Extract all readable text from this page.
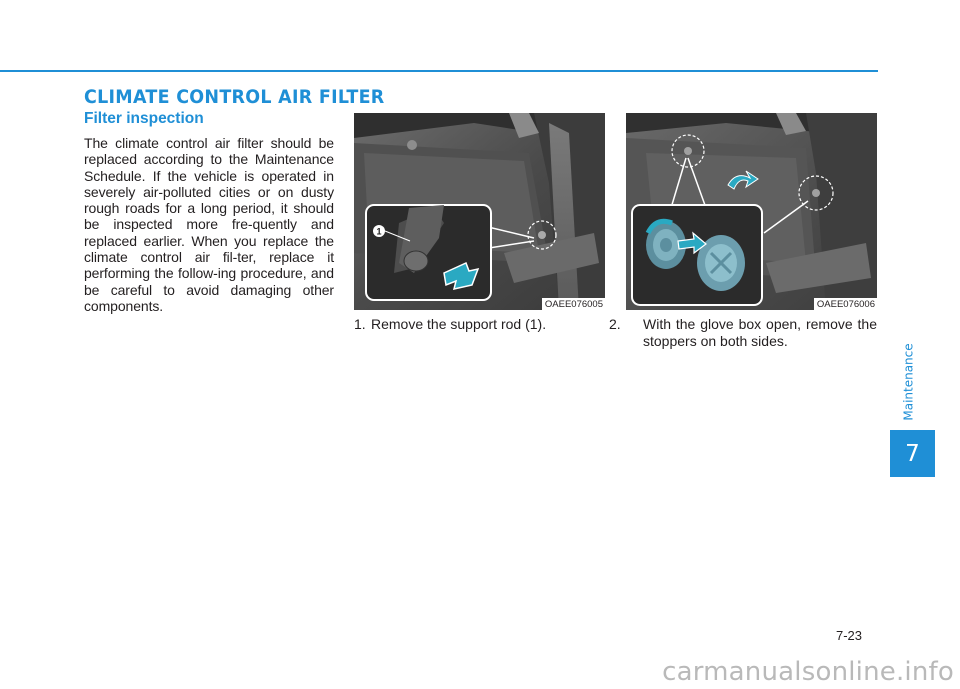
CLIMATE CONTROL AIR FILTER
Filter inspection

The climate control air filter should be replaced according to the Maintenance Schedule. If the vehicle is operated in severely air-polluted cities or on dusty rough roads for a long period, it should be inspected more fre-quently and replaced earlier. When you replace the climate control air fil-ter, replace it performing the follow-ing procedure, and be careful to avoid damaging other components.

1
OAEE076005	OAEE076006

1. Remove the support rod (1).	2. With the glove box open, remove the stoppers on both sides.

Maintenance
7
7-23
carmanualsonline.info
